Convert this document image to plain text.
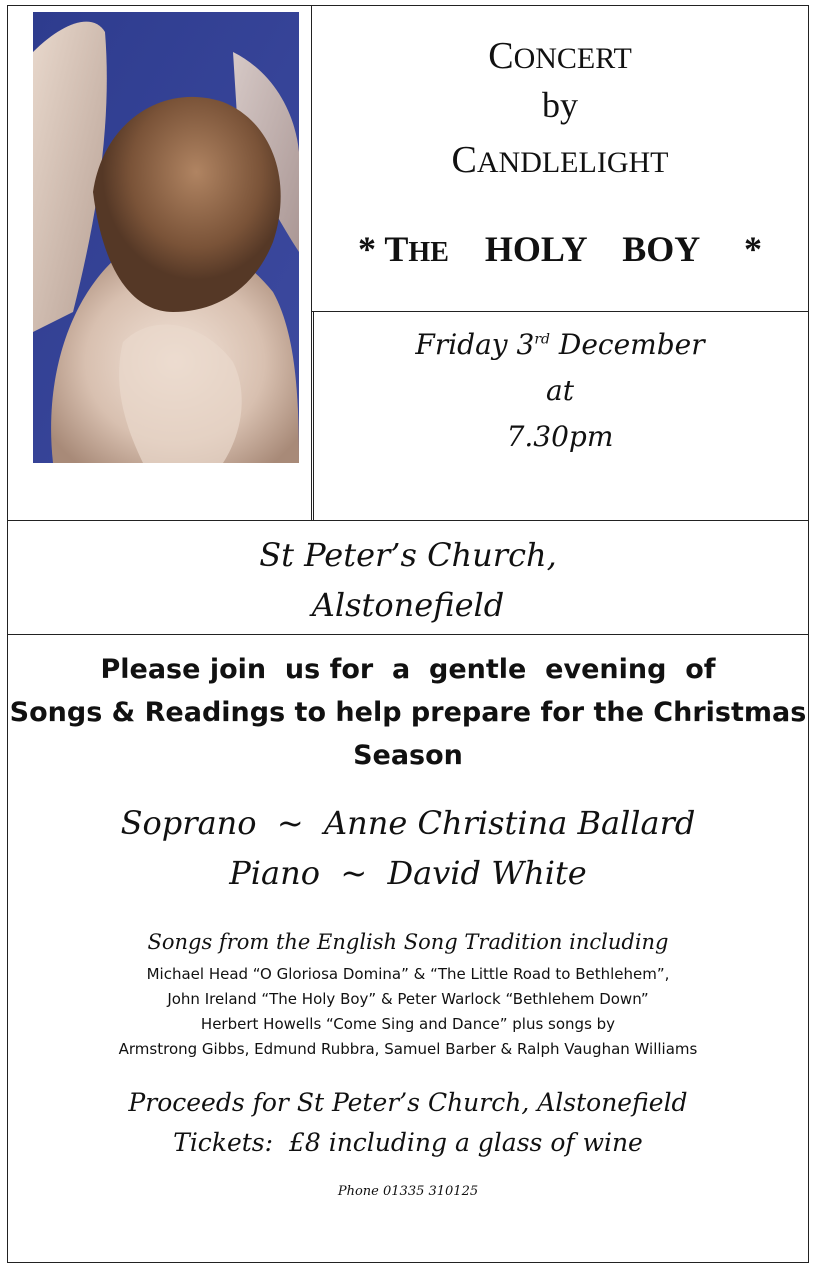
CONCERT
by
CANDLELIGHT
* THE HOLY BOY *
Friday 3rd December
at
7.30pm
St Peter’s Church,
Alstonefield
Please join  us for  a  gentle  evening  of
Songs & Readings to help prepare for the Christmas
Season
Soprano  ~  Anne Christina Ballard
Piano  ~  David White
Songs from the English Song Tradition including
Michael Head “O Gloriosa Domina” & “The Little Road to Bethlehem”,
John Ireland “The Holy Boy” & Peter Warlock “Bethlehem Down”
Herbert Howells “Come Sing and Dance” plus songs by
Armstrong Gibbs, Edmund Rubbra, Samuel Barber & Ralph Vaughan Williams
Proceeds for St Peter’s Church, Alstonefield
Tickets:  £8 including a glass of wine
Phone 01335 310125
